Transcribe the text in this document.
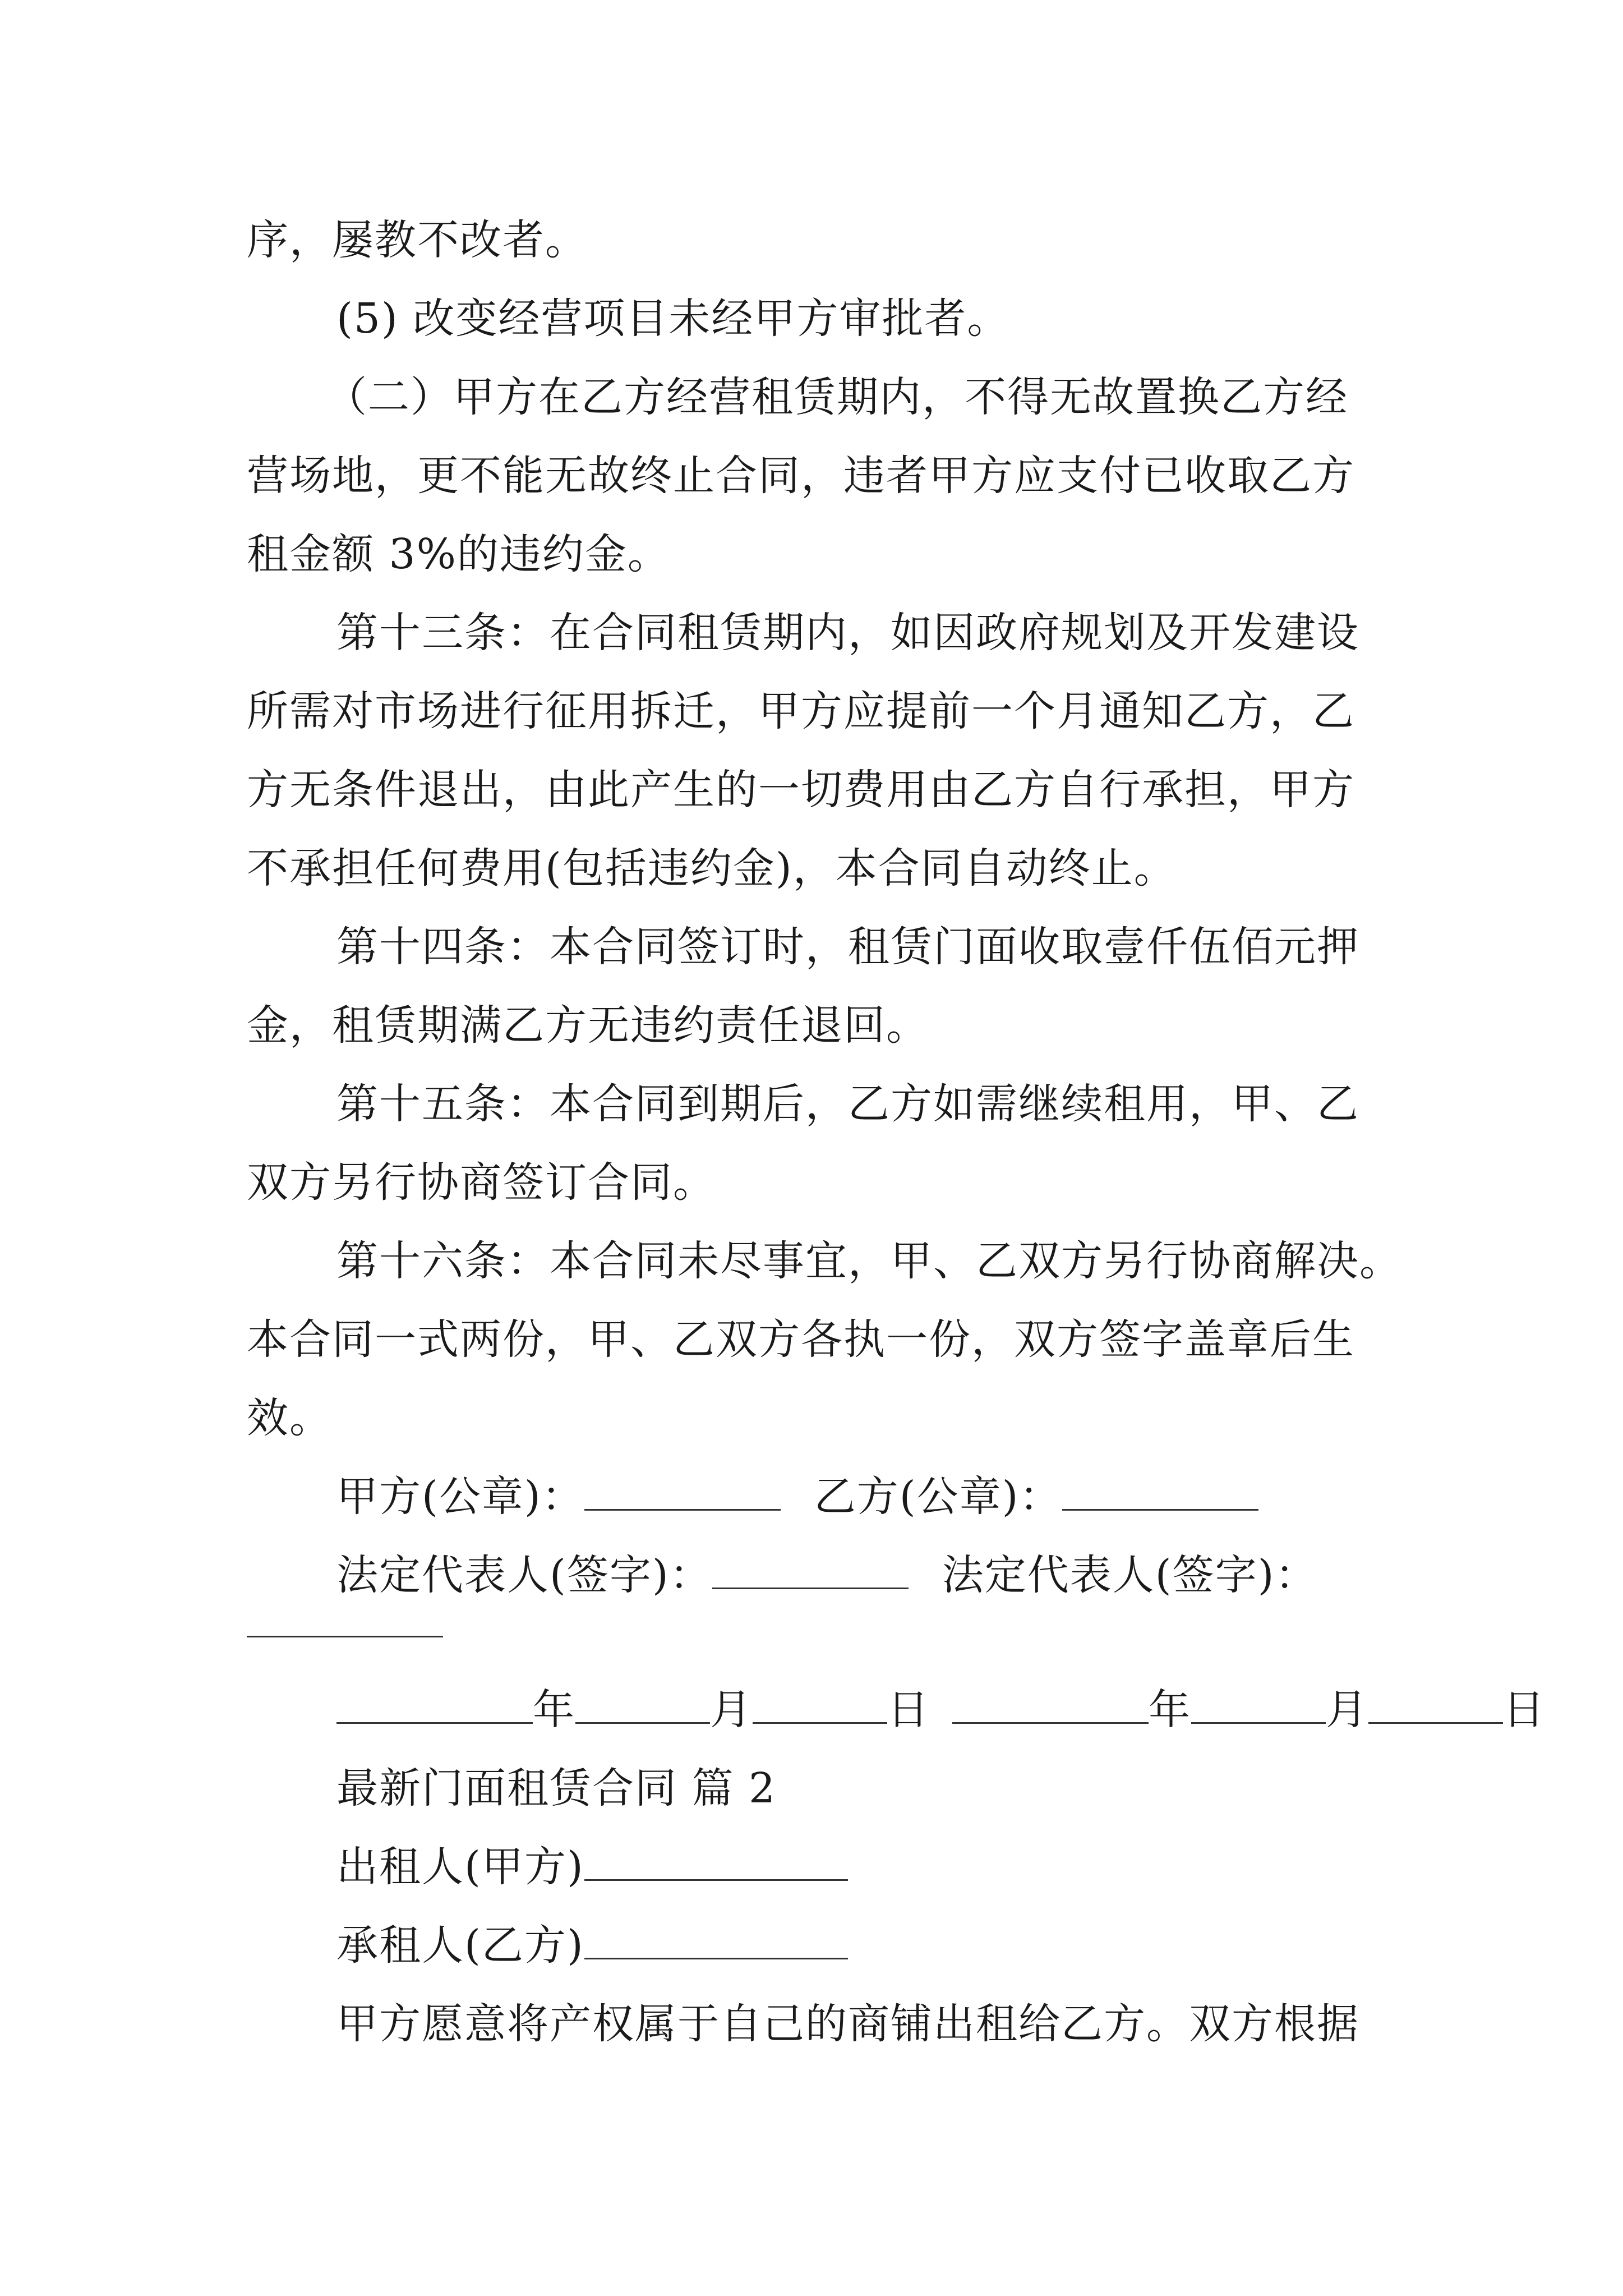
序，屡教不改者。
(5) 改变经营项目未经甲方审批者。
（二）甲方在乙方经营租赁期内，不得无故置换乙方经
营场地，更不能无故终止合同，违者甲方应支付已收取乙方
租金额 3%的违约金。
第十三条：在合同租赁期内，如因政府规划及开发建设
所需对市场进行征用拆迁，甲方应提前一个月通知乙方，乙
方无条件退出，由此产生的一切费用由乙方自行承担，甲方
不承担任何费用(包括违约金)，本合同自动终止。
第十四条：本合同签订时，租赁门面收取壹仟伍佰元押
金，租赁期满乙方无违约责任退回。
第十五条：本合同到期后，乙方如需继续租用，甲、乙
双方另行协商签订合同。
第十六条：本合同未尽事宜，甲、乙双方另行协商解决。
本合同一式两份，甲、乙双方各执一份，双方签字盖章后生
效。
甲方(公章)：	乙方(公章)：
法定代表人(签字)：	法定代表人(签字)：
年	月	日	年	月	日
最新门面租赁合同 篇 2
出租人(甲方)
承租人(乙方)
甲方愿意将产权属于自己的商铺出租给乙方。双方根据
